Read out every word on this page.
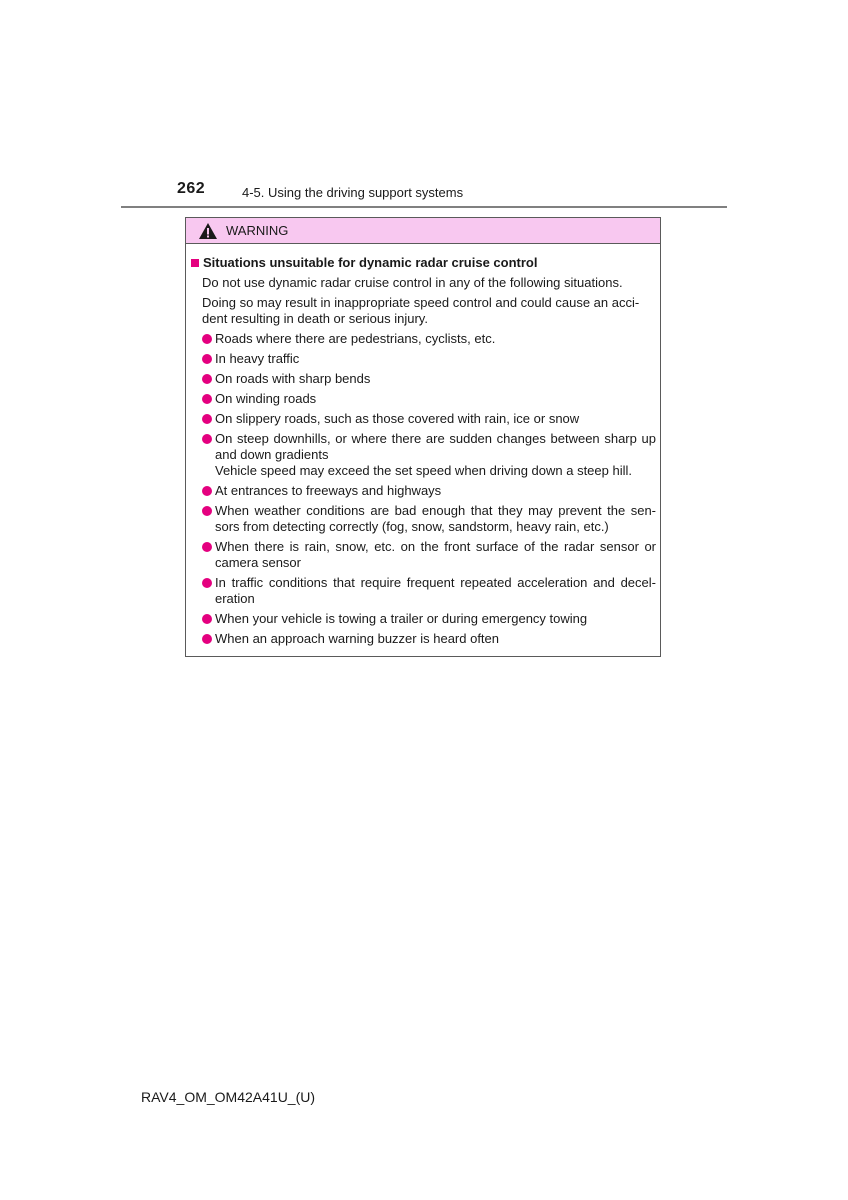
262	4-5. Using the driving support systems
WARNING
Situations unsuitable for dynamic radar cruise control
Do not use dynamic radar cruise control in any of the following situations.
Doing so may result in inappropriate speed control and could cause an acci-dent resulting in death or serious injury.
Roads where there are pedestrians, cyclists, etc.
In heavy traffic
On roads with sharp bends
On winding roads
On slippery roads, such as those covered with rain, ice or snow
On steep downhills, or where there are sudden changes between sharp up and down gradients
Vehicle speed may exceed the set speed when driving down a steep hill.
At entrances to freeways and highways
When weather conditions are bad enough that they may prevent the sen-sors from detecting correctly (fog, snow, sandstorm, heavy rain, etc.)
When there is rain, snow, etc. on the front surface of the radar sensor or camera sensor
In traffic conditions that require frequent repeated acceleration and decel-eration
When your vehicle is towing a trailer or during emergency towing
When an approach warning buzzer is heard often
RAV4_OM_OM42A41U_(U)
